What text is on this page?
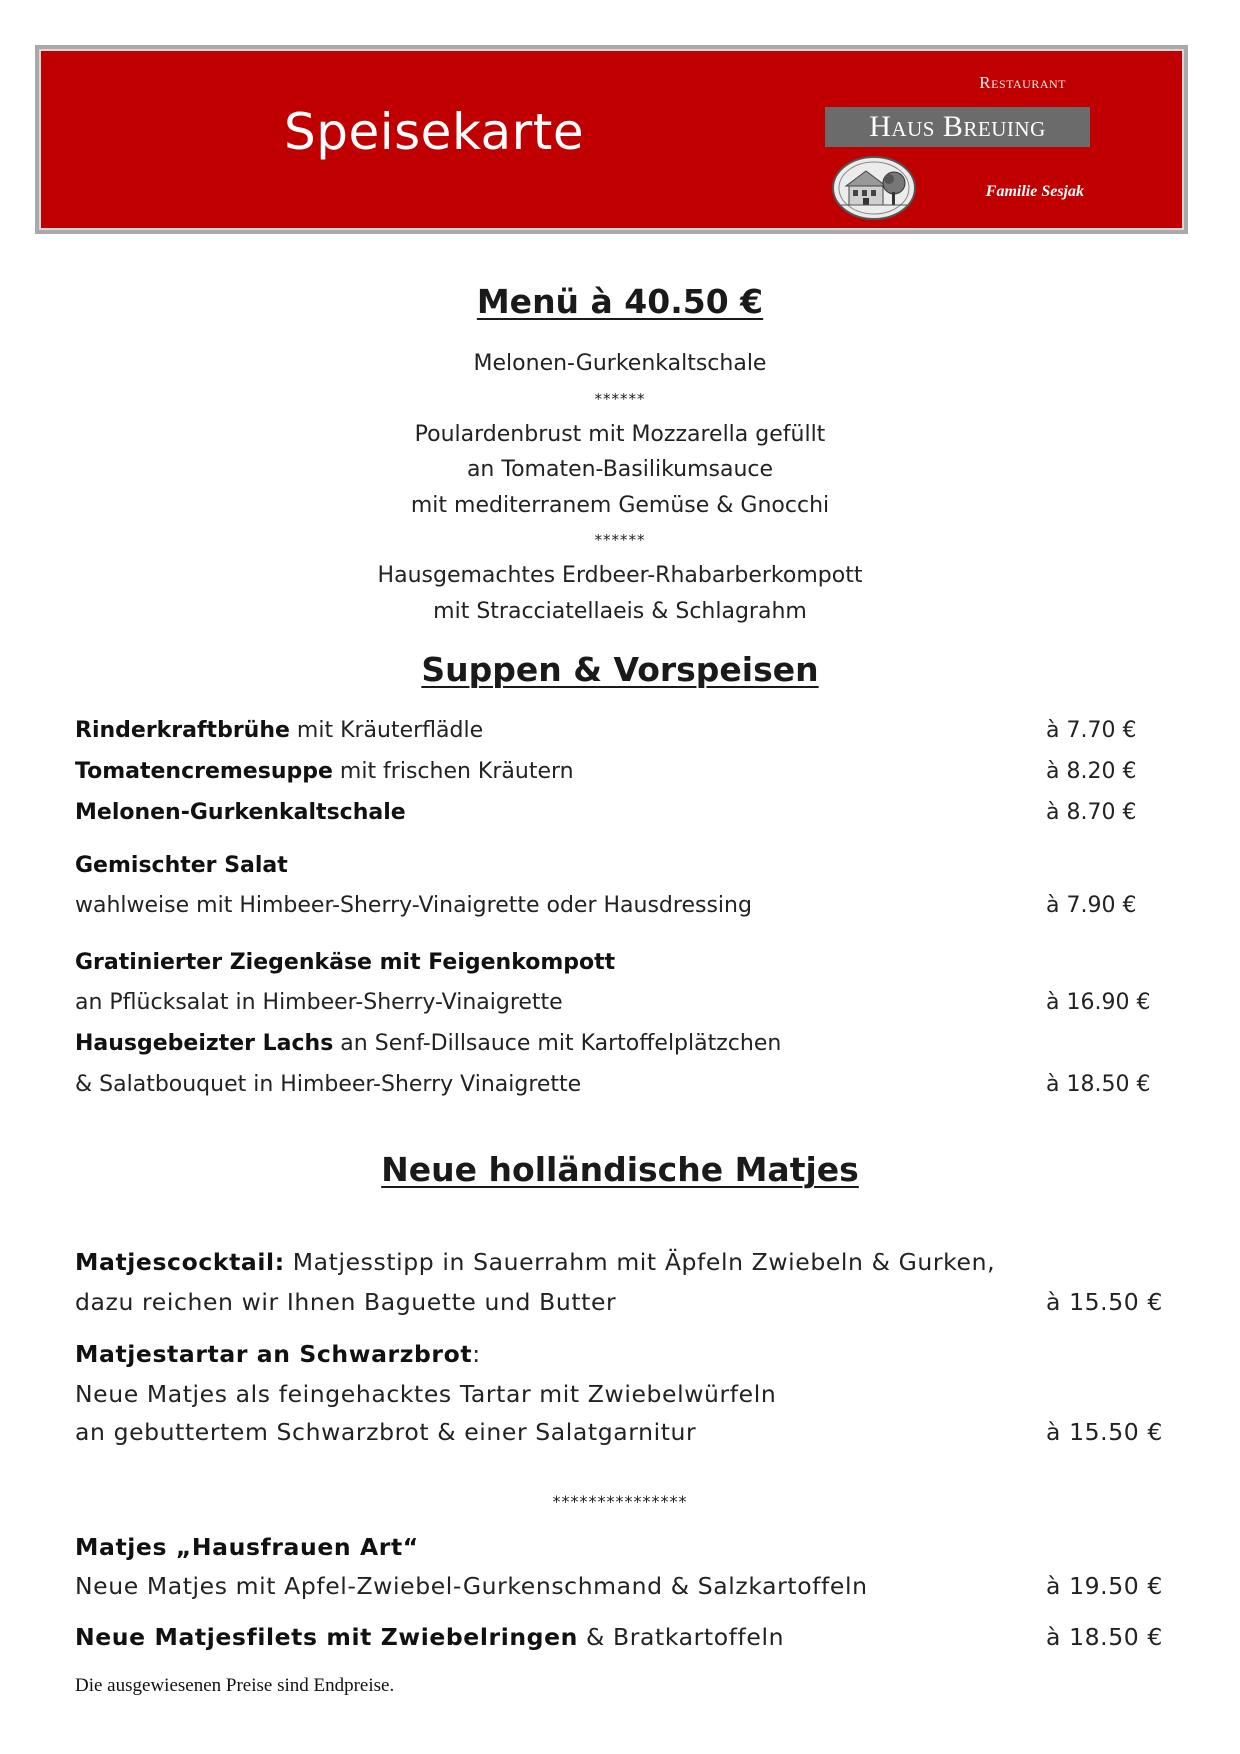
Speisekarte
Restaurant
Haus Breuing
Familie Sesjak
Menü à 40.50 €
Melonen-Gurkenkaltschale
******
Poulardenbrust mit Mozzarella gefüllt
an Tomaten-Basilikumsauce
mit mediterranem Gemüse & Gnocchi
******
Hausgemachtes Erdbeer-Rhabarberkompott
mit Stracciatellaeis & Schlagrahm
Suppen & Vorspeisen
Rinderkraftbrühe mit Kräuterflädle	à 7.70 €
Tomatencremesuppe mit frischen Kräutern	à 8.20 €
Melonen-Gurkenkaltschale	à 8.70 €
Gemischter Salat
wahlweise mit Himbeer-Sherry-Vinaigrette oder Hausdressing	à 7.90 €
Gratinierter Ziegenkäse mit Feigenkompott
an Pflücksalat in Himbeer-Sherry-Vinaigrette	à 16.90 €
Hausgebeizter Lachs an Senf-Dillsauce mit Kartoffelplätzchen
& Salatbouquet in Himbeer-Sherry Vinaigrette	à 18.50 €
Neue holländische Matjes
Matjescocktail: Matjesstipp in Sauerrahm mit Äpfeln Zwiebeln & Gurken,
dazu reichen wir Ihnen Baguette und Butter	à 15.50 €
Matjestartar an Schwarzbrot:
Neue Matjes als feingehacktes Tartar mit Zwiebelwürfeln
an gebuttertem Schwarzbrot & einer Salatgarnitur	à 15.50 €
***************
Matjes „Hausfrauen Art“
Neue Matjes mit Apfel-Zwiebel-Gurkenschmand & Salzkartoffeln	à 19.50 €
Neue Matjesfilets mit Zwiebelringen & Bratkartoffeln	à 18.50 €
Die ausgewiesenen Preise sind Endpreise.
